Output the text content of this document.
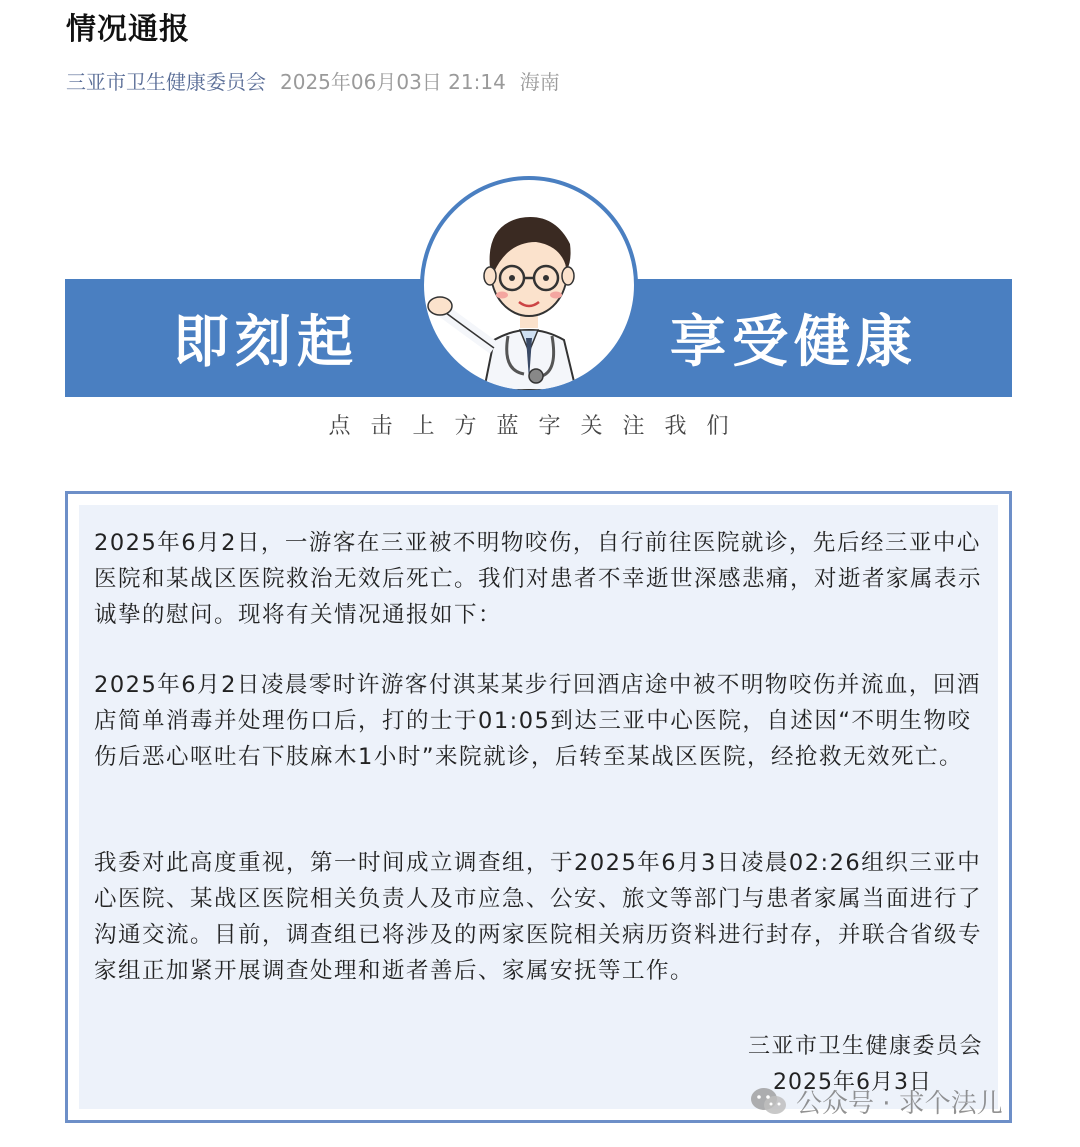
情况通报
三亚市卫生健康委员会 2025年06月03日 21:14 海南
即刻起	享受健康
点击上方蓝字关注我们

2025年6月2日，一游客在三亚被不明物咬伤，自行前往医院就诊，先后经三亚中心医院和某战区医院救治无效后死亡。我们对患者不幸逝世深感悲痛，对逝者家属表示诚挚的慰问。现将有关情况通报如下：

2025年6月2日凌晨零时许游客付淇某某步行回酒店途中被不明物咬伤并流血，回酒店简单消毒并处理伤口后，打的士于01:05到达三亚中心医院，自述因“不明生物咬伤后恶心呕吐右下肢麻木1小时”来院就诊，后转至某战区医院，经抢救无效死亡。

我委对此高度重视，第一时间成立调查组，于2025年6月3日凌晨02:26组织三亚中心医院、某战区医院相关负责人及市应急、公安、旅文等部门与患者家属当面进行了沟通交流。目前，调查组已将涉及的两家医院相关病历资料进行封存，并联合省级专家组正加紧开展调查处理和逝者善后、家属安抚等工作。

三亚市卫生健康委员会
2025年6月3日
公众号 · 求个法儿
